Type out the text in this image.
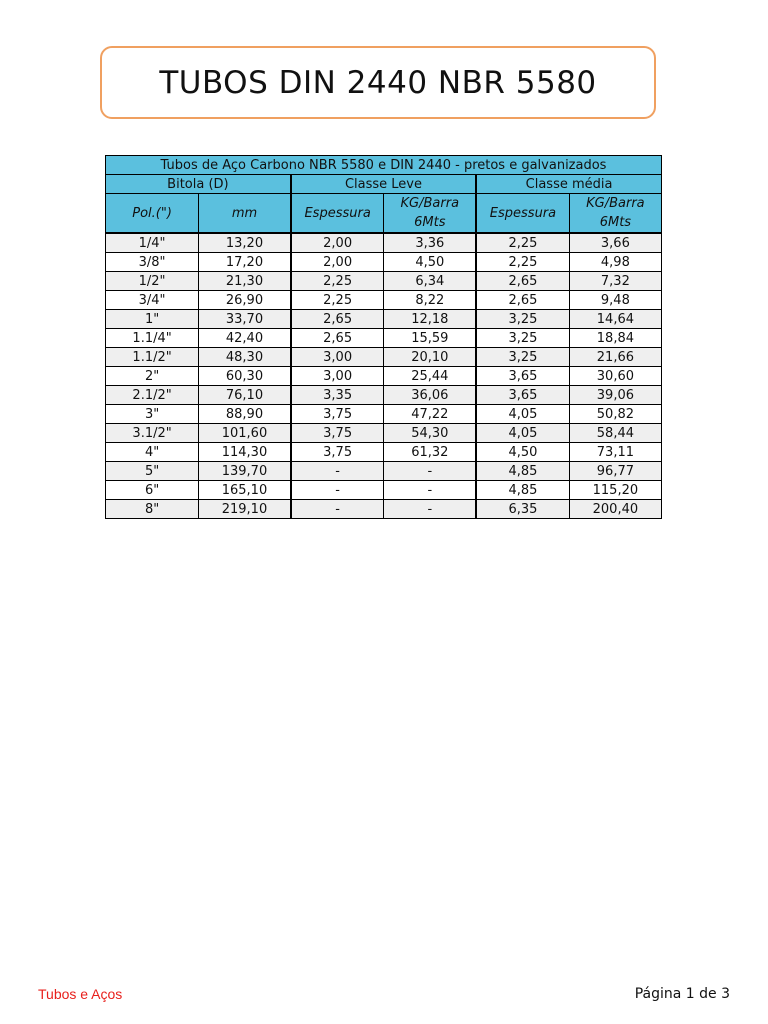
TUBOS DIN 2440 NBR 5580
Tubos de Aço Carbono NBR 5580 e DIN 2440 - pretos e galvanizados					
Bitola (D)		Classe Leve		Classe média	
Pol.(")	mm	Espessura	KG/Barra 6Mts	Espessura	KG/Barra 6Mts
1/4"	13,20	2,00	3,36	2,25	3,66
3/8"	17,20	2,00	4,50	2,25	4,98
1/2"	21,30	2,25	6,34	2,65	7,32
3/4"	26,90	2,25	8,22	2,65	9,48
1"	33,70	2,65	12,18	3,25	14,64
1.1/4"	42,40	2,65	15,59	3,25	18,84
1.1/2"	48,30	3,00	20,10	3,25	21,66
2"	60,30	3,00	25,44	3,65	30,60
2.1/2"	76,10	3,35	36,06	3,65	39,06
3"	88,90	3,75	47,22	4,05	50,82
3.1/2"	101,60	3,75	54,30	4,05	58,44
4"	114,30	3,75	61,32	4,50	73,11
5"	139,70	-	-	4,85	96,77
6"	165,10	-	-	4,85	115,20
8"	219,10	-	-	6,35	200,40
Tubos e Aços	Página 1 de 3
